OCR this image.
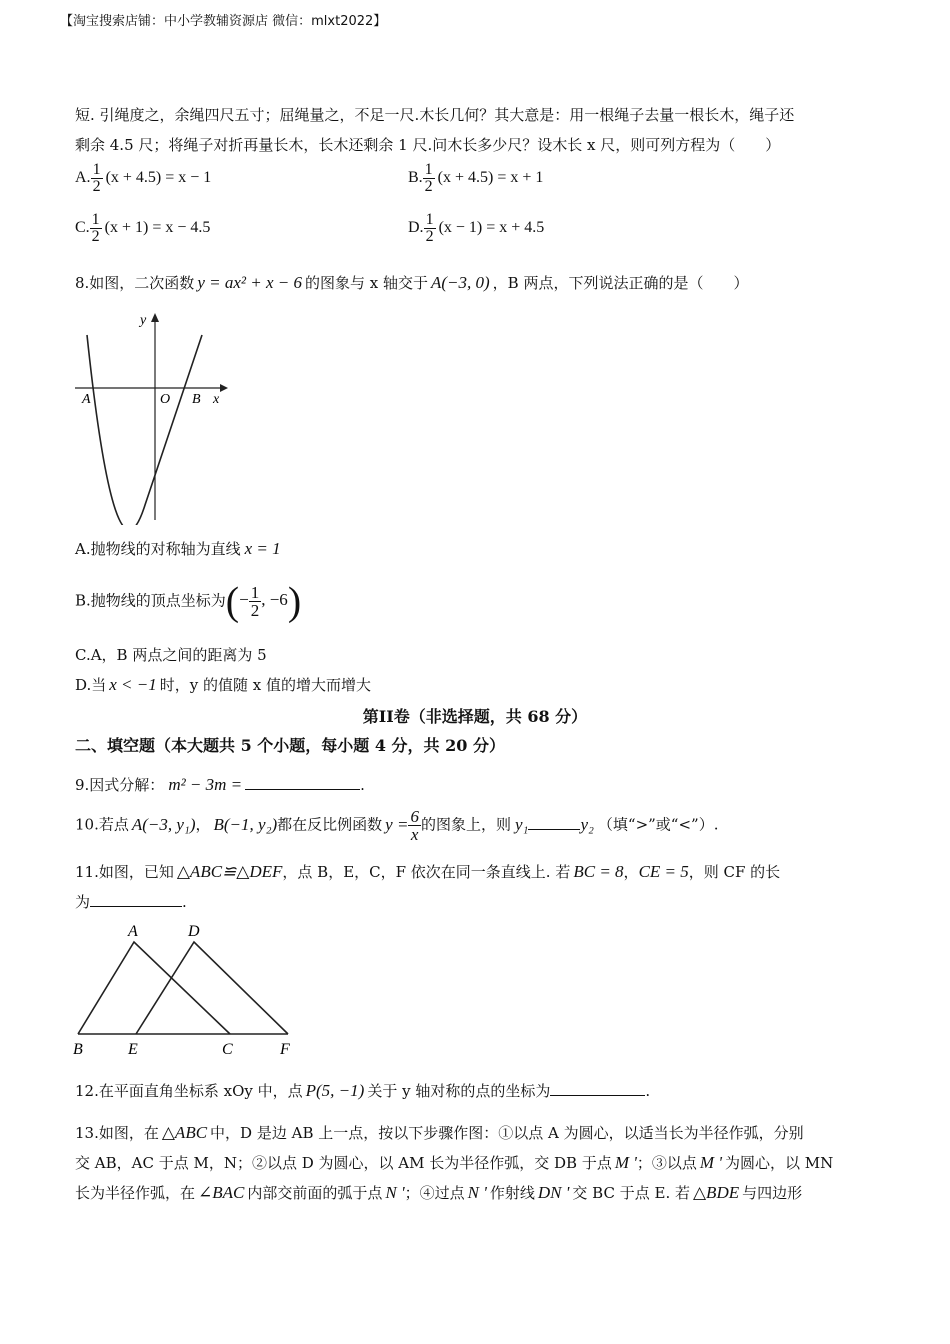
【淘宝搜索店铺：中小学教辅资源店 微信：mlxt2022】
短. 引绳度之，余绳四尺五寸；屈绳量之，不足一尺.木长几何？其大意是：用一根绳子去量一根长木，绳子还
剩余 4.5 尺；将绳子对折再量长木，长木还剩余 1 尺.问木长多少尺？设木长 x 尺，则可列方程为（　　）
A. $\frac{1}{2} (x + 4.5) = x - 1$	B. $\frac{1}{2} (x + 4.5) = x + 1$
C. $\frac{1}{2} (x + 1) = x - 4.5$	D. $\frac{1}{2} (x - 1) = x + 4.5$
8.如图，二次函数 y = ax² + x − 6 的图象与 x 轴交于 A(−3, 0) ，B 两点，下列说法正确的是（　　）
y
A	O B x
A.抛物线的对称轴为直线 x = 1
B.抛物线的顶点坐标为(− $\frac{1}{2}$ , −6)
C.A，B 两点之间的距离为 5
D.当 x < −1 时，y 的值随 x 值的增大而增大
第II卷（非选择题，共 68 分）
二、填空题（本大题共 5 个小题，每小题 4 分，共 20 分）
9.因式分解： m² − 3m =	.
10.若点 A(−3, y₁)， B(−1, y₂)都在反比例函数 $y = \frac{6}{x}$ 的图象上，则 y₁	y₂ （填“>”或“<”）.
11.如图，已知 △ABC≌△DEF，点 B，E，C，F 依次在同一条直线上. 若 BC = 8，CE = 5，则 CF 的长
为	.
A	D
B	E	C	F
12.在平面直角坐标系 xOy 中，点 P(5, −1) 关于 y 轴对称的点的坐标为	.
13.如图，在 △ABC 中，D 是边 AB 上一点，按以下步骤作图：①以点 A 为圆心，以适当长为半径作弧，分别
交 AB，AC 于点 M，N；②以点 D 为圆心，以 AM 长为半径作弧，交 DB 于点 M '；③以点 M ' 为圆心，以 MN
长为半径作弧，在 ∠BAC 内部交前面的弧于点 N '；④过点 N ' 作射线 DN ' 交 BC 于点 E. 若 △BDE 与四边形
